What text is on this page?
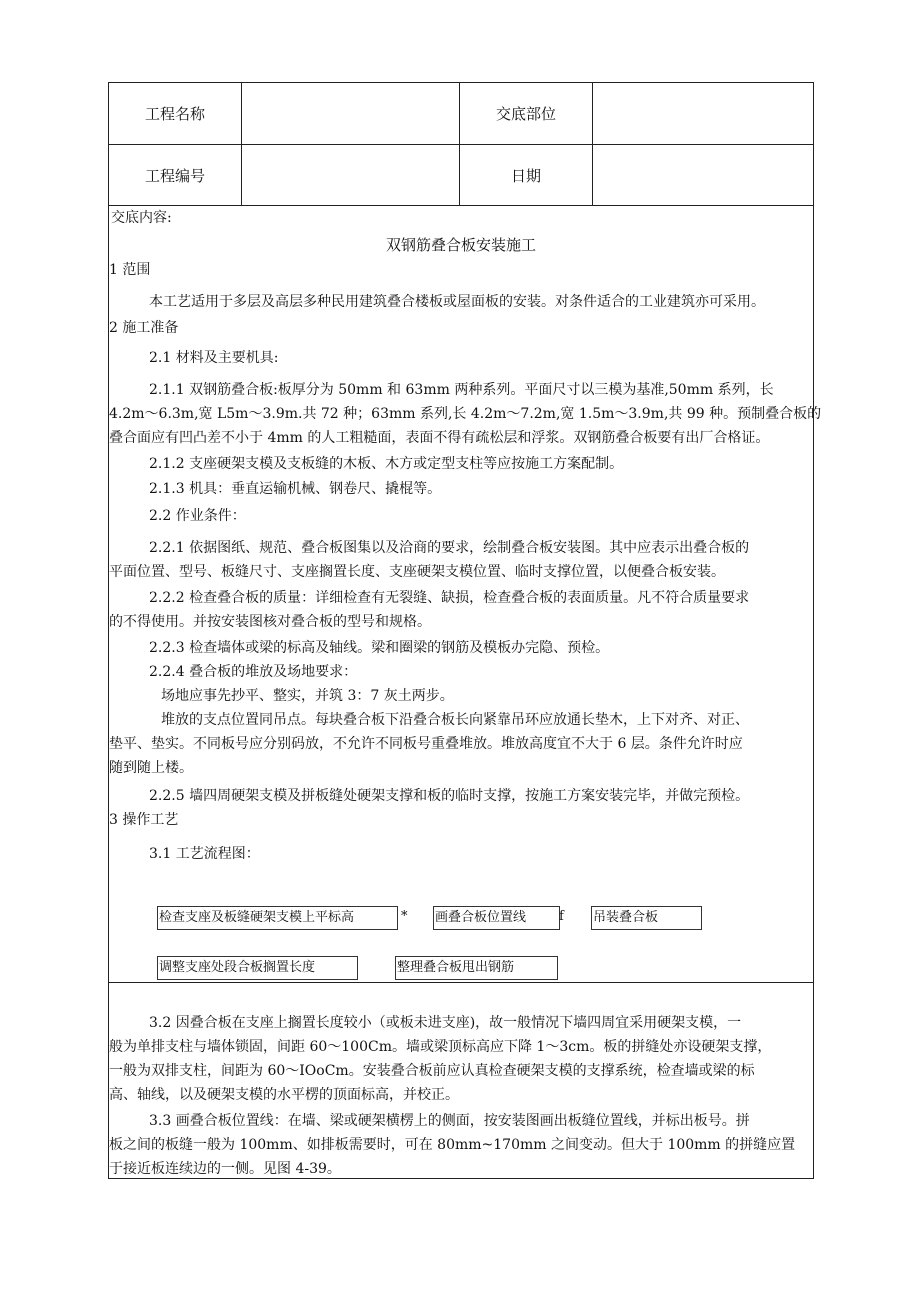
工程名称	交底部位
工程编号	日期
交底内容:
双钢筋叠合板安装施工
1 范围
本工艺适用于多层及高层多种民用建筑叠合楼板或屋面板的安装。对条件适合的工业建筑亦可采用。
2 施工准备
2.1 材料及主要机具:
2.1.1 双钢筋叠合板:板厚分为 50mm 和 63mm 两种系列。平面尺寸以三模为基准,50mm 系列，长
4.2m～6.3m,宽 L5m～3.9m.共 72 种；63mm 系列,长 4.2m～7.2m,宽 1.5m～3.9m,共 99 种。预制叠合板的
叠合面应有凹凸差不小于 4mm 的人工粗糙面，表面不得有疏松层和浮浆。双钢筋叠合板要有出厂合格证。
2.1.2 支座硬架支模及支板缝的木板、木方或定型支柱等应按施工方案配制。
2.1.3 机具：垂直运输机械、钢卷尺、撬棍等。
2.2 作业条件：
2.2.1 依据图纸、规范、叠合板图集以及洽商的要求，绘制叠合板安装图。其中应表示出叠合板的
平面位置、型号、板缝尺寸、支座搁置长度、支座硬架支模位置、临时支撑位置，以便叠合板安装。
2.2.2 检查叠合板的质量：详细检查有无裂缝、缺损，检查叠合板的表面质量。凡不符合质量要求
的不得使用。并按安装图核对叠合板的型号和规格。
2.2.3 检查墙体或梁的标高及轴线。梁和圈梁的钢筋及模板办完隐、预检。
2.2.4 叠合板的堆放及场地要求：
场地应事先抄平、整实，并筑 3：7 灰土两步。
堆放的支点位置同吊点。每块叠合板下沿叠合板长向紧靠吊环应放通长垫木，上下对齐、对正、
垫平、垫实。不同板号应分别码放，不允许不同板号重叠堆放。堆放高度宜不大于 6 层。条件允许时应
随到随上楼。
2.2.5 墙四周硬架支模及拼板缝处硬架支撑和板的临时支撑，按施工方案安装完毕，并做完预检。
3 操作工艺
3.1 工艺流程图：
检查支座及板缝硬架支模上平标高	* 画叠合板位置线	f 吊装叠合板
调整支座处段合板搁置长度	整理叠合板甩出钢筋
3.2 因叠合板在支座上搁置长度较小（或板未进支座)，故一般情况下墙四周宜采用硬架支模，一
般为单排支柱与墙体锁固，间距 60～100Cm。墙或梁顶标高应下降 1～3cm。板的拼缝处亦设硬架支撑，
一般为双排支柱，间距为 60～IOoCm。安装叠合板前应认真检查硬架支模的支撑系统，检查墙或梁的标
高、轴线，以及硬架支模的水平楞的顶面标高，并校正。
3.3 画叠合板位置线：在墙、梁或硬架横楞上的侧面，按安装图画出板缝位置线，并标出板号。拼
板之间的板缝一般为 100mm、如排板需要时，可在 80mm~170mm 之间变动。但大于 100mm 的拼缝应置
于接近板连续边的一侧。见图 4-39。
